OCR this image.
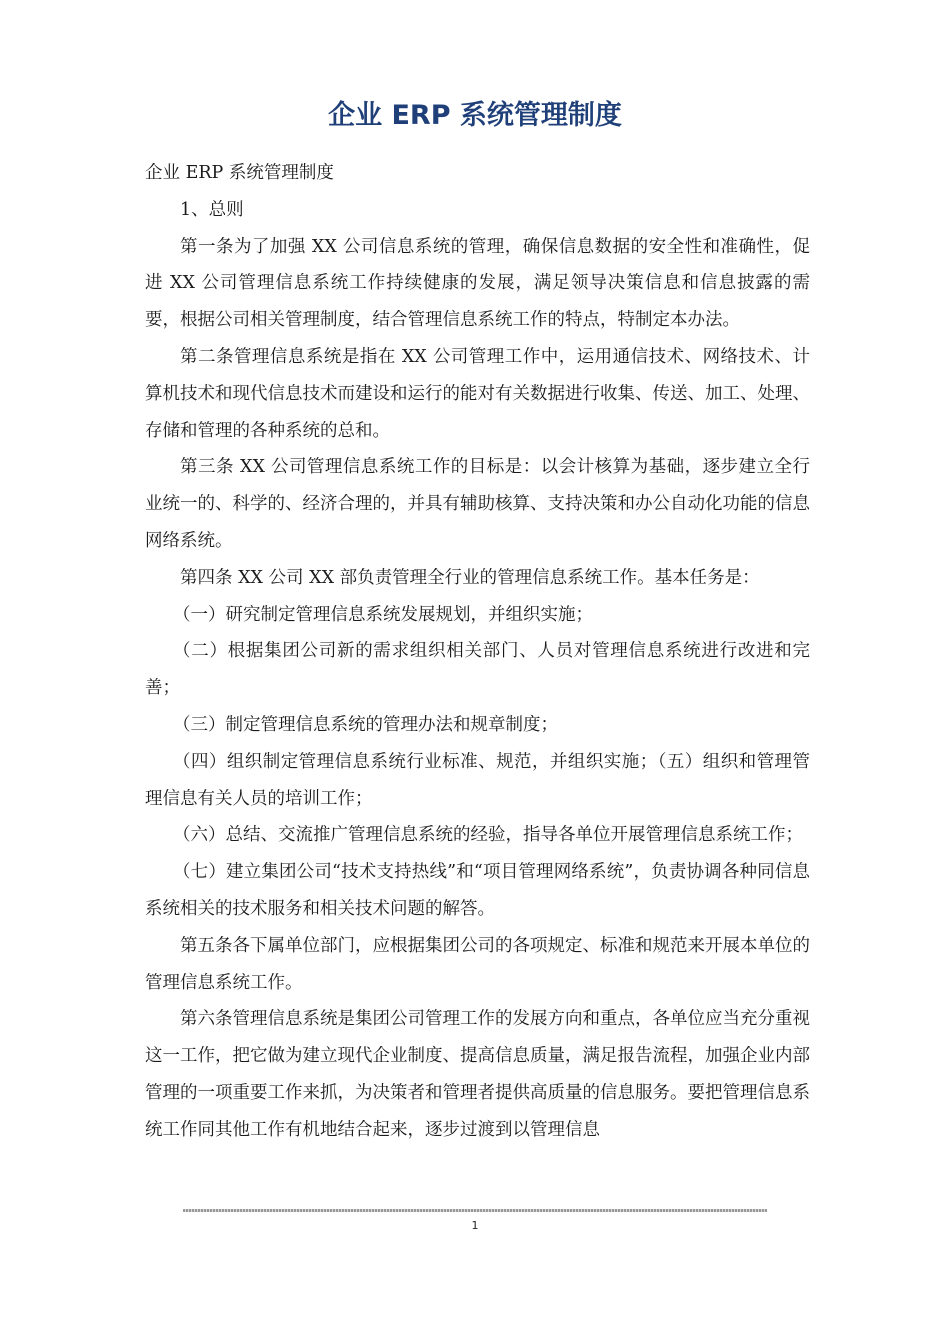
企业 ERP 系统管理制度

企业 ERP 系统管理制度

1、总则

第一条为了加强 XX 公司信息系统的管理，确保信息数据的安全性和准确性，促进 XX 公司管理信息系统工作持续健康的发展，满足领导决策信息和信息披露的需要，根据公司相关管理制度，结合管理信息系统工作的特点，特制定本办法。

第二条管理信息系统是指在 XX 公司管理工作中，运用通信技术、网络技术、计算机技术和现代信息技术而建设和运行的能对有关数据进行收集、传送、加工、处理、存储和管理的各种系统的总和。

第三条 XX 公司管理信息系统工作的目标是：以会计核算为基础，逐步建立全行业统一的、科学的、经济合理的，并具有辅助核算、支持决策和办公自动化功能的信息网络系统。

第四条 XX 公司 XX 部负责管理全行业的管理信息系统工作。基本任务是：

（一）研究制定管理信息系统发展规划，并组织实施；

（二）根据集团公司新的需求组织相关部门、人员对管理信息系统进行改进和完善；

（三）制定管理信息系统的管理办法和规章制度；

（四）组织制定管理信息系统行业标准、规范，并组织实施；（五）组织和管理管理信息有关人员的培训工作；

（六）总结、交流推广管理信息系统的经验，指导各单位开展管理信息系统工作；

（七）建立集团公司“技术支持热线”和“项目管理网络系统”，负责协调各种同信息系统相关的技术服务和相关技术问题的解答。

第五条各下属单位部门，应根据集团公司的各项规定、标准和规范来开展本单位的管理信息系统工作。

第六条管理信息系统是集团公司管理工作的发展方向和重点，各单位应当充分重视这一工作，把它做为建立现代企业制度、提高信息质量，满足报告流程，加强企业内部管理的一项重要工作来抓，为决策者和管理者提供高质量的信息服务。要把管理信息系统工作同其他工作有机地结合起来，逐步过渡到以管理信息

1
